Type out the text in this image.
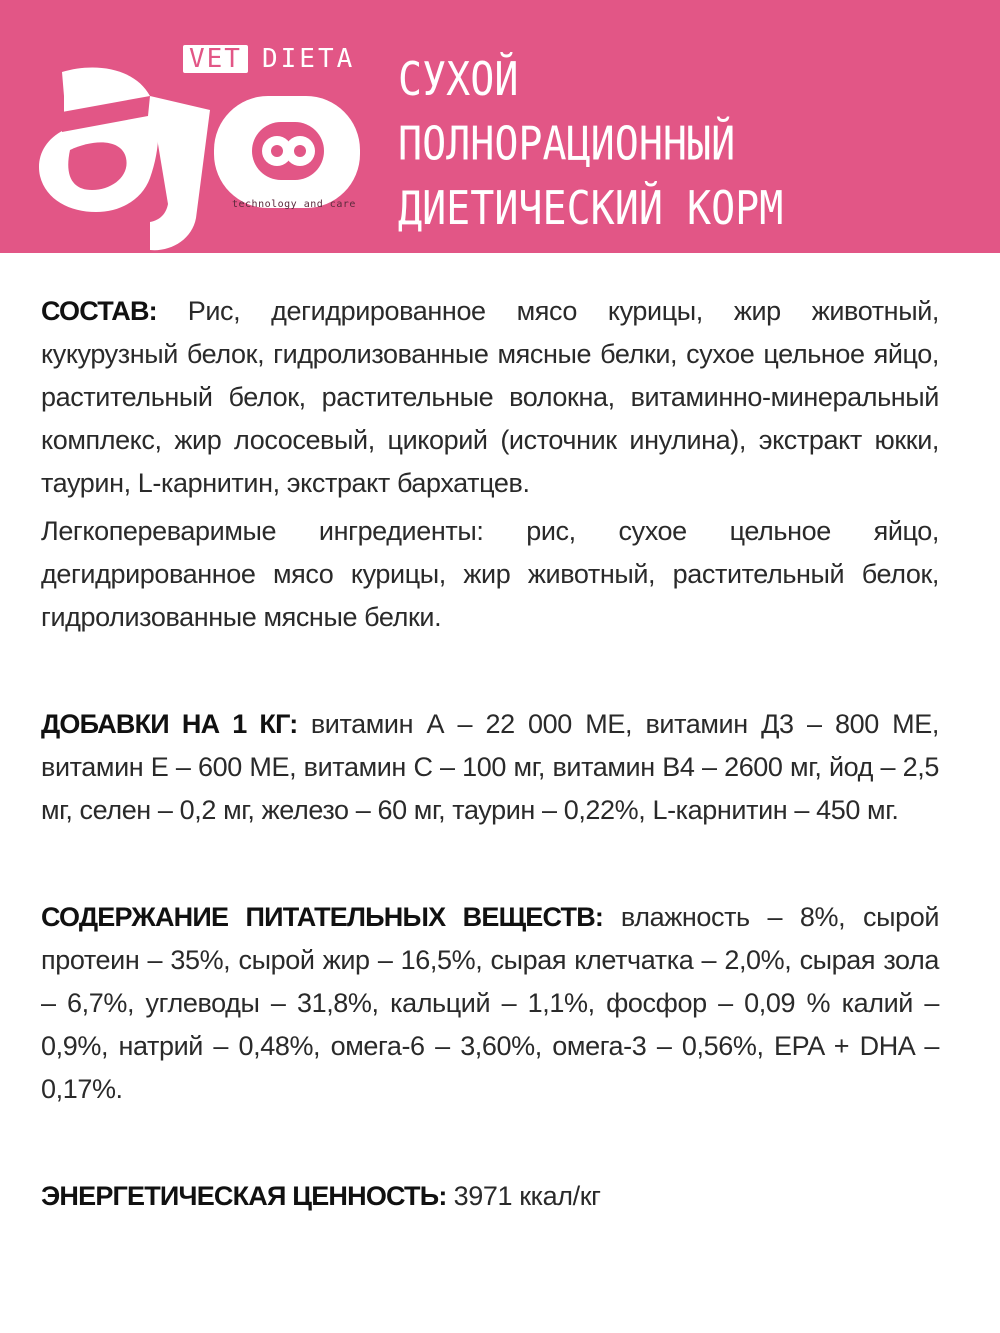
VET DIETA
technology and care
СУХОЙ
ПОЛНОРАЦИОННЫЙ
ДИЕТИЧЕСКИЙ КОРМ

СОСТАВ: Рис, дегидрированное мясо курицы, жир животный, кукурузный белок, гидролизованные мясные белки, сухое цельное яйцо, растительный белок, растительные волокна, витаминно-минеральный комплекс, жир лососевый, цикорий (источник инулина), экстракт юкки, таурин, L-карнитин, экстракт бархатцев.

Легкопереваримые ингредиенты: рис, сухое цельное яйцо, дегидрированное мясо курицы, жир животный, растительный белок, гидролизованные мясные белки.

ДОБАВКИ НА 1 КГ: витамин А – 22 000 МЕ, витамин Д3 – 800 МЕ, витамин Е – 600 МЕ, витамин С – 100 мг, витамин В4 – 2600 мг, йод – 2,5 мг, селен – 0,2 мг, железо – 60 мг, таурин – 0,22%, L-карнитин – 450 мг.

СОДЕРЖАНИЕ ПИТАТЕЛЬНЫХ ВЕЩЕСТВ: влажность – 8%, сырой протеин – 35%, сырой жир – 16,5%, сырая клетчатка – 2,0%, сырая зола – 6,7%, углеводы – 31,8%, кальций – 1,1%, фосфор – 0,09 % калий – 0,9%, натрий – 0,48%, омега-6 – 3,60%, омега-3 – 0,56%, EPA + DHA – 0,17%.

ЭНЕРГЕТИЧЕСКАЯ ЦЕННОСТЬ: 3971 ккал/кг
